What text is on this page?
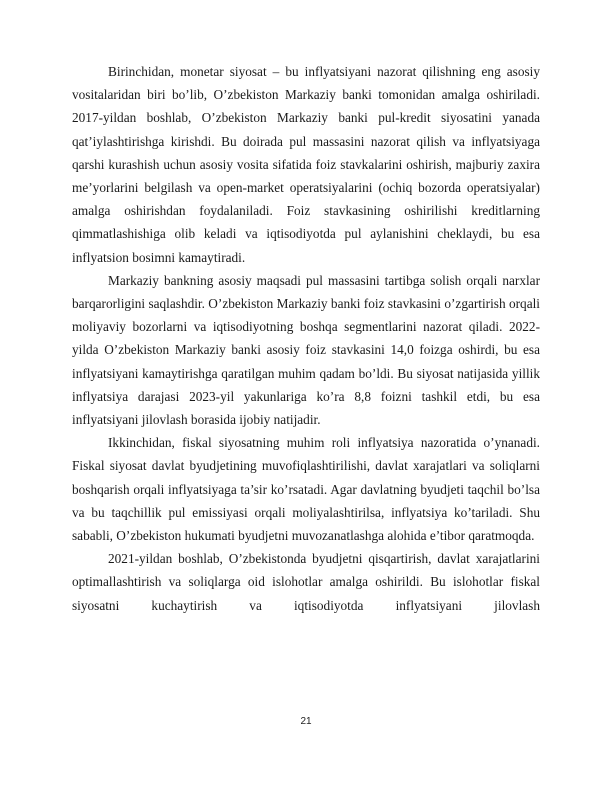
Birinchidan, monetar siyosat – bu inflyatsiyani nazorat qilishning eng asosiy vositalaridan biri bo’lib, O’zbekiston Markaziy banki tomonidan amalga oshiriladi. 2017-yildan boshlab, O’zbekiston Markaziy banki pul-kredit siyosatini yanada qat’iylashtirishga kirishdi. Bu doirada pul massasini nazorat qilish va inflyatsiyaga qarshi kurashish uchun asosiy vosita sifatida foiz stavkalarini oshirish, majburiy zaxira me’yorlarini belgilash va open-market operatsiyalarini (ochiq bozorda operatsiyalar) amalga oshirishdan foydalaniladi. Foiz stavkasining oshirilishi kreditlarning qimmatlashishiga olib keladi va iqtisodiyotda pul aylanishini cheklaydi, bu esa inflyatsion bosimni kamaytiradi.

Markaziy bankning asosiy maqsadi pul massasini tartibga solish orqali narxlar barqarorligini saqlashdir. O’zbekiston Markaziy banki foiz stavkasini o’zgartirish orqali moliyaviy bozorlarni va iqtisodiyotning boshqa segmentlarini nazorat qiladi. 2022-yilda O’zbekiston Markaziy banki asosiy foiz stavkasini 14,0 foizga oshirdi, bu esa inflyatsiyani kamaytirishga qaratilgan muhim qadam bo’ldi. Bu siyosat natijasida yillik inflyatsiya darajasi 2023-yil yakunlariga ko’ra 8,8 foizni tashkil etdi, bu esa inflyatsiyani jilovlash borasida ijobiy natijadir.

Ikkinchidan, fiskal siyosatning muhim roli inflyatsiya nazoratida o’ynanadi. Fiskal siyosat davlat byudjetining muvofiqlashtirilishi, davlat xarajatlari va soliqlarni boshqarish orqali inflyatsiyaga ta’sir ko’rsatadi. Agar davlatning byudjeti taqchil bo’lsa va bu taqchillik pul emissiyasi orqali moliyalashtirilsa, inflyatsiya ko’tariladi. Shu sababli, O’zbekiston hukumati byudjetni muvozanatlashga alohida e’tibor qaratmoqda.

2021-yildan boshlab, O’zbekistonda byudjetni qisqartirish, davlat xarajatlarini optimallashtirish va soliqlarga oid islohotlar amalga oshirildi. Bu islohotlar fiskal siyosatni kuchaytirish va iqtisodiyotda inflyatsiyani jilovlash

21
